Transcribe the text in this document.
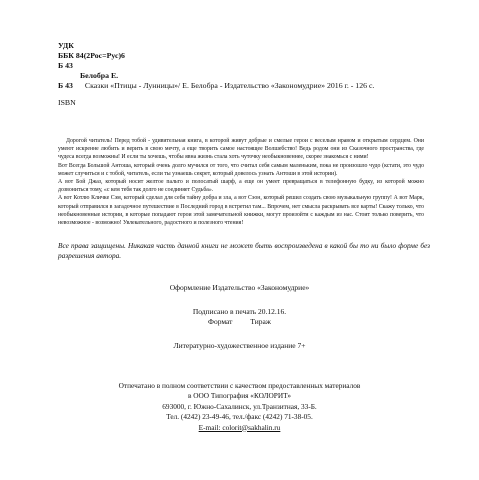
УДК
ББК 84(2Рос=Рус)6
Б 43
Белобра Е.
Б 43 Сказки «Птицы - Лунницы»/ Е. Белобра - Издательство «Закономудрие» 2016 г. - 126 с.
ISBN

Дорогой читатель! Перед тобой - удивительная книга, в которой живут добрые и смелые герои с веселым нравом и открытым сердцем. Они умеют искренне любить и верить в свою мечту, а еще творить самое настоящее Волшебство! Ведь родом они из Сказочного пространства, где чудеса всегда возможны! И если ты хочешь, чтобы явна жизнь стала хоть чуточку необыкновеннее, скорее знакомься с ними!

Вот Всегда Большой Антоша, который очень долго мучился от того, что считал себя самым маленьким, пока не произошло чудо (кстати, это чудо может случиться и с тобой, читатель, если ты узнаешь секрет, который довелось узнать Антоши в этой истории).

А вот Бой Джаз, который носит желтое пальто и полосатый шарф, а еще он умеет превращаться в телефонную будку, из которой можно дозвониться тому, «с кем тебя так долго не соединяет Судьба».

А вот Котлю Кличке Сэм, который сделал для себя тайну добра и зла, а вот Сэон, который решил создать свою музыкальную группу! А вот Марк, который отправился в загадочное путешествие в Последний город в встретил там... Впрочем, нет смысла раскрывать все карты! Скажу только, что необыкновенные истории, в которые попадают герои этой замечательной книжки, могут произойти с каждым из нас. Стоит только поверить, что невозможное - возможно! Увлекательного, радостного и полезного чтения!

Все права защищены. Никакая часть данной книги не может быть воспроизведена в какой бы то ни было форме без разрешения автора.
Оформление Издательство «Закономудрие»
Подписано в печать 20.12.16.
Формат Тираж
Литературно-художественное издание 7+
Отпечатано в полном соответствии с качеством предоставленных материалов
в ООО Типография «КОЛОРИТ»
693000, г. Южно-Сахалинск, ул.Транзитная, 33-Б.
Тел. (4242) 23-49-46, тел./факс (4242) 71-38-05.
E-mail: colorit@sakhalin.ru
